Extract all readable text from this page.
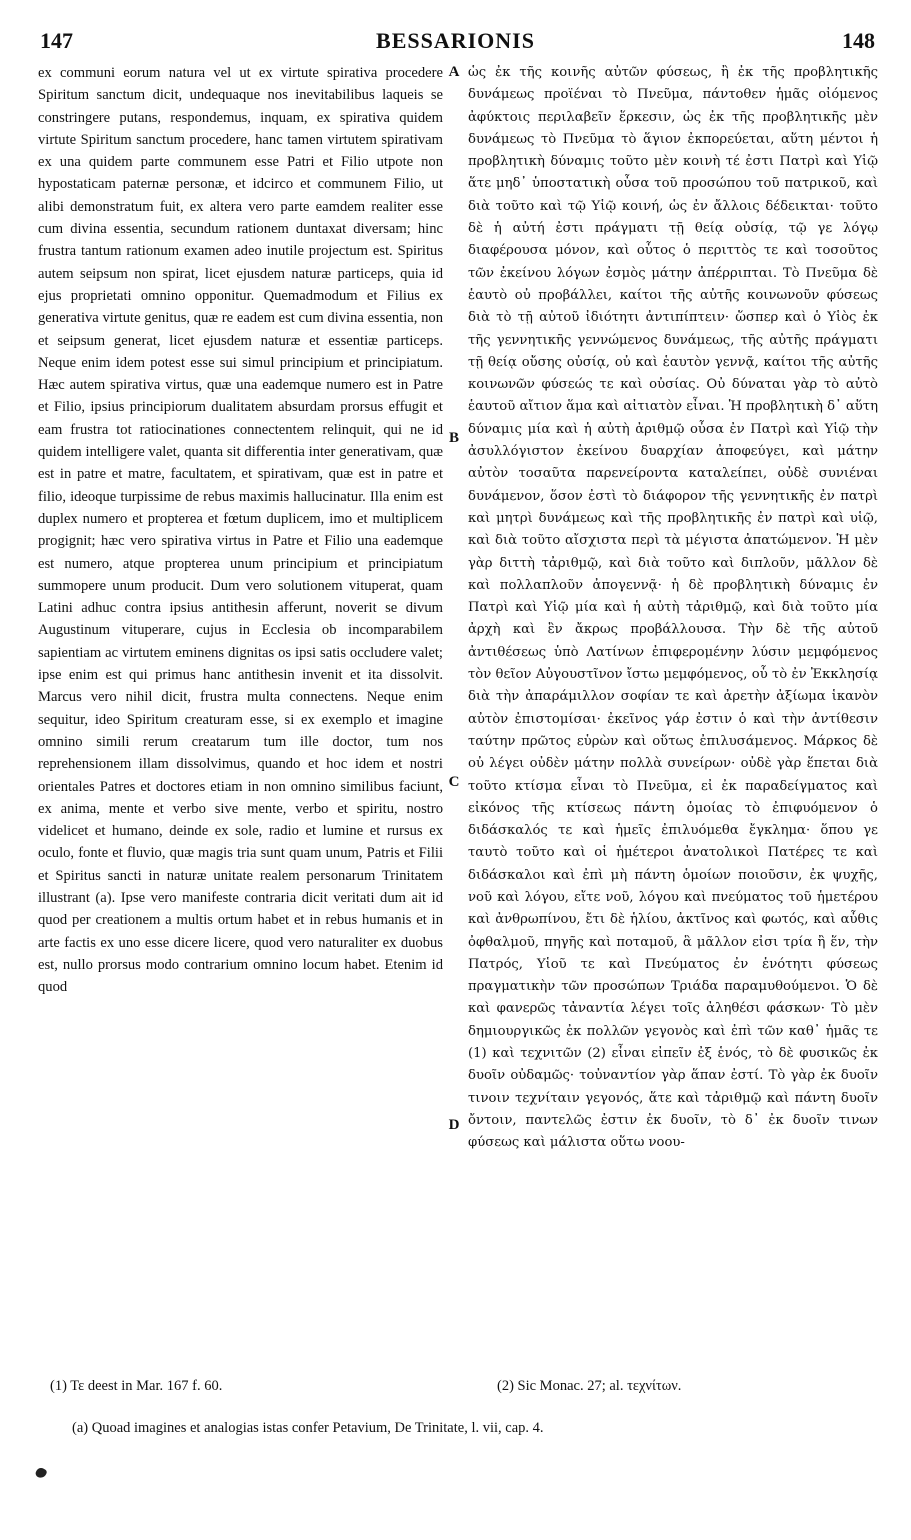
147	BESSARIONIS	148

ex communi eorum natura vel ut ex virtute spirativa procedere Spiritum sanctum dicit, undequaque nos inevitabilibus laqueis se constringere putans, respondemus, inquam, ex spirativa quidem virtute Spiritum sanctum procedere, hanc tamen virtutem spirativam ex una quidem parte communem esse Patri et Filio utpote non hypostaticam paternæ personæ, et idcirco et communem Filio, ut alibi demonstratum fuit, ex altera vero parte eamdem realiter esse cum divina essentia, secundum rationem duntaxat diversam; hinc frustra tantum rationum examen adeo inutile projectum est. Spiritus autem seipsum non spirat, licet ejusdem naturæ particeps, quia id ejus proprietati omnino opponitur. Quemadmodum et Filius ex generativa virtute genitus, quæ re eadem est cum divina essentia, non et seipsum generat, licet ejusdem naturæ et essentiæ particeps. Neque enim idem potest esse sui simul principium et principiatum. Hæc autem spirativa virtus, quæ una eademque numero est in Patre et Filio, ipsius principiorum dualitatem absurdam prorsus effugit et eam frustra tot ratiocinationes connectentem relinquit, qui ne id quidem intelligere valet, quanta sit differentia inter generativam, quæ est in patre et matre, facultatem, et spirativam, quæ est in patre et filio, ideoque turpissime de rebus maximis hallucinatur. Illa enim est duplex numero et propterea et fœtum duplicem, imo et multiplicem progignit; hæc vero spirativa virtus in Patre et Filio una eademque est numero, atque propterea unum principium et principiatum summopere unum producit. Dum vero solutionem vituperat, quam Latini adhuc contra ipsius antithesin afferunt, noverit se divum Augustinum vituperare, cujus in Ecclesia ob incomparabilem sapientiam ac virtutem eminens dignitas os ipsi satis occludere valet; ipse enim est qui primus hanc antithesin invenit et ita dissolvit. Marcus vero nihil dicit, frustra multa connectens. Neque enim sequitur, ideo Spiritum creaturam esse, si ex exemplo et imagine omnino simili rerum creatarum tum ille doctor, tum nos reprehensionem illam dissolvimus, quando et hoc idem et nostri orientales Patres et doctores etiam in non omnino similibus faciunt, ex anima, mente et verbo sive mente, verbo et spiritu, nostro videlicet et humano, deinde ex sole, radio et lumine et rursus ex oculo, fonte et fluvio, quæ magis tria sunt quam unum, Patris et Filii et Spiritus sancti in naturæ unitate realem personarum Trinitatem illustrant (a). Ipse vero manifeste contraria dicit veritati dum ait id quod per creationem a multis ortum habet et in rebus humanis et in arte factis ex uno esse dicere licere, quod vero naturaliter ex duobus est, nullo prorsus modo contrarium omnino locum habet. Etenim id quod

A
B
C
D

ὡς ἐκ τῆς κοινῆς αὐτῶν φύσεως, ἢ ἐκ τῆς προβλητικῆς δυνάμεως προϊέναι τὸ Πνεῦμα, πάντοθεν ἡμᾶς οἰόμενος ἀφύκτοις περιλαβεῖν ἕρκεσιν, ὡς ἐκ τῆς προβλητικῆς μὲν δυνάμεως τὸ Πνεῦμα τὸ ἅγιον ἐκπορεύεται, αὕτη μέντοι ἡ προβλητικὴ δύναμις τοῦτο μὲν κοινὴ τέ ἐστι Πατρὶ καὶ Υἱῷ ἅτε μηδ᾽ ὑποστατικὴ οὖσα τοῦ προσώπου τοῦ πατρικοῦ, καὶ διὰ τοῦτο καὶ τῷ Υἱῷ κοινή, ὡς ἐν ἄλλοις δέδεικται· τοῦτο δὲ ἡ αὐτή ἐστι πράγματι τῇ θείᾳ οὐσίᾳ, τῷ γε λόγῳ διαφέρουσα μόνον, καὶ οὗτος ὁ περιττὸς τε καὶ τοσοῦτος τῶν ἐκείνου λόγων ἐσμὸς μάτην ἀπέρριπται. Τὸ Πνεῦμα δὲ ἑαυτὸ οὐ προβάλλει, καίτοι τῆς αὐτῆς κοινωνοῦν φύσεως διὰ τὸ τῇ αὐτοῦ ἰδιότητι ἀντιπίπτειν· ὥσπερ καὶ ὁ Υἱὸς ἐκ τῆς γεννητικῆς γεννώμενος δυνάμεως, τῆς αὐτῆς πράγματι τῇ θείᾳ οὔσης οὐσίᾳ, οὐ καὶ ἑαυτὸν γεννᾷ, καίτοι τῆς αὐτῆς κοινωνῶν φύσεώς τε καὶ οὐσίας. Οὐ δύναται γὰρ τὸ αὐτὸ ἑαυτοῦ αἴτιον ἅμα καὶ αἰτιατὸν εἶναι. Ἡ προβλητικὴ δ᾽ αὕτη δύναμις μία καὶ ἡ αὐτὴ ἀριθμῷ οὖσα ἐν Πατρὶ καὶ Υἱῷ τὴν ἀσυλλόγιστον ἐκείνου δυαρχίαν ἀποφεύγει, καὶ μάτην αὐτὸν τοσαῦτα παρενείροντα καταλείπει, οὐδὲ συνιέναι δυνάμενον, ὅσον ἐστὶ τὸ διάφορον τῆς γεννητικῆς ἐν πατρὶ καὶ μητρὶ δυνάμεως καὶ τῆς προβλητικῆς ἐν πατρὶ καὶ υἱῷ, καὶ διὰ τοῦτο αἴσχιστα περὶ τὰ μέγιστα ἀπατώμενον. Ἡ μὲν γὰρ διττὴ τἀριθμῷ, καὶ διὰ τοῦτο καὶ διπλοῦν, μᾶλλον δὲ καὶ πολλαπλοῦν ἀπογεννᾷ· ἡ δὲ προβλητικὴ δύναμις ἐν Πατρὶ καὶ Υἱῷ μία καὶ ἡ αὐτὴ τἀριθμῷ, καὶ διὰ τοῦτο μία ἀρχὴ καὶ ἓν ἄκρως προβάλλουσα. Τὴν δὲ τῆς αὐτοῦ ἀντιθέσεως ὑπὸ Λατίνων ἐπιφερομένην λύσιν μεμφόμενος τὸν θεῖον Αὐγουστῖνον ἴστω μεμφόμενος, οὗ τὸ ἐν Ἐκκλησίᾳ διὰ τὴν ἀπαράμιλλον σοφίαν τε καὶ ἀρετὴν ἀξίωμα ἱκανὸν αὐτὸν ἐπιστομίσαι· ἐκεῖνος γάρ ἐστιν ὁ καὶ τὴν ἀντίθεσιν ταύτην πρῶτος εὑρὼν καὶ οὕτως ἐπιλυσάμενος. Μάρκος δὲ οὐ λέγει οὐδὲν μάτην πολλὰ συνείρων· οὐδὲ γὰρ ἕπεται διὰ τοῦτο κτίσμα εἶναι τὸ Πνεῦμα, εἰ ἐκ παραδείγματος καὶ εἰκόνος τῆς κτίσεως πάντη ὁμοίας τὸ ἐπιφυόμενον ὁ διδάσκαλός τε καὶ ἡμεῖς ἐπιλυόμεθα ἔγκλημα· ὅπου γε ταυτὸ τοῦτο καὶ οἱ ἡμέτεροι ἀνατολικοὶ Πατέρες τε καὶ διδάσκαλοι καὶ ἐπὶ μὴ πάντη ὁμοίων ποιοῦσιν, ἐκ ψυχῆς, νοῦ καὶ λόγου, εἴτε νοῦ, λόγου καὶ πνεύματος τοῦ ἡμετέρου καὶ ἀνθρωπίνου, ἔτι δὲ ἡλίου, ἀκτῖνος καὶ φωτός, καὶ αὖθις ὀφθαλμοῦ, πηγῆς καὶ ποταμοῦ, ἃ μᾶλλον εἰσι τρία ἢ ἕν, τὴν Πατρός, Υἱοῦ τε καὶ Πνεύματος ἐν ἑνότητι φύσεως πραγματικὴν τῶν προσώπων Τριάδα παραμυθούμενοι. Ὁ δὲ καὶ φανερῶς τἀναντία λέγει τοῖς ἀληθέσι φάσκων· Τὸ μὲν δημιουργικῶς ἐκ πολλῶν γεγονὸς καὶ ἐπὶ τῶν καθ᾽ ἡμᾶς τε (1) καὶ τεχνιτῶν (2) εἶναι εἰπεῖν ἐξ ἑνός, τὸ δὲ φυσικῶς ἐκ δυοῖν οὐδαμῶς· τοὐναντίον γὰρ ἅπαν ἐστί. Τὸ γὰρ ἐκ δυοῖν τινοιν τεχνίταιν γεγονός, ἅτε καὶ τἀριθμῷ καὶ πάντη δυοῖν ὄντοιν, παντελῶς ἐστιν ἐκ δυοῖν, τὸ δ᾽ ἐκ δυοῖν τινων φύσεως καὶ μάλιστα οὕτω νοου-

(1) Τε deest in Mar. 167 f. 60.	(2) Sic Monac. 27; al. τεχνίτων.
(a) Quoad imagines et analogias istas confer Petavium, De Trinitate, l. vii, cap. 4.
